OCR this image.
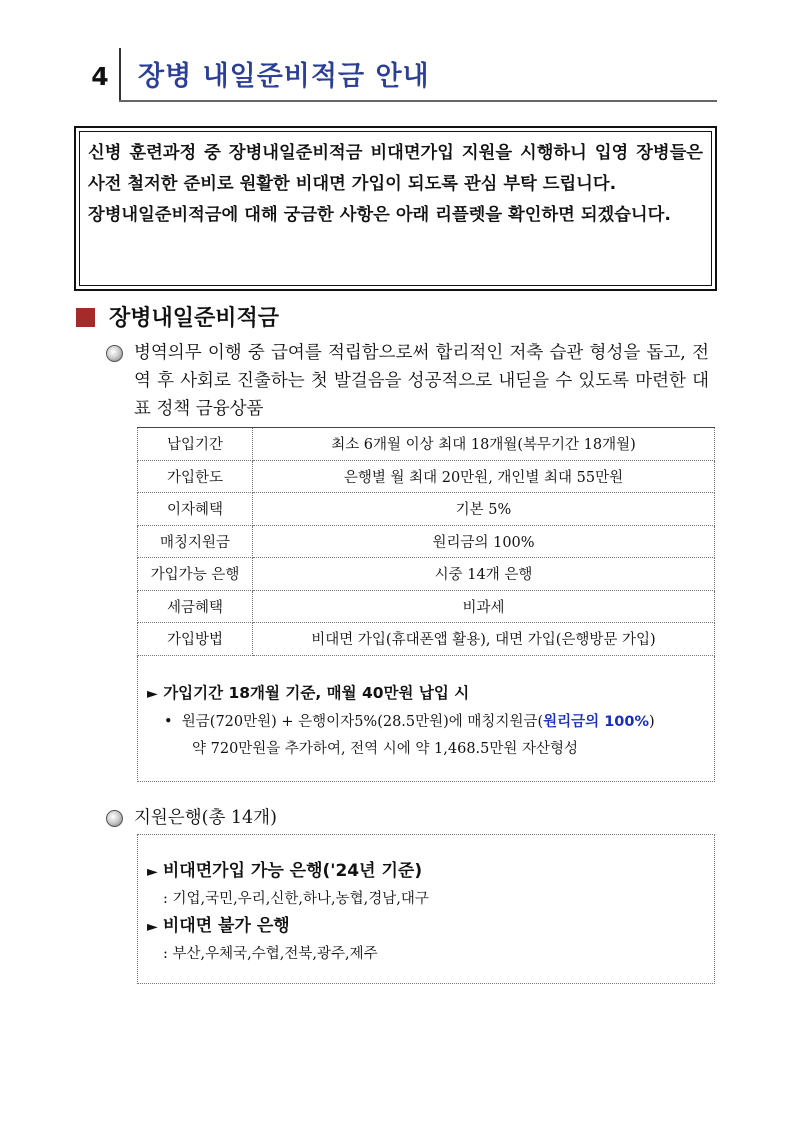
4	장병 내일준비적금 안내

신병 훈련과정 중 장병내일준비적금 비대면가입 지원을 시행하니 입영 장병들은 사전 철저한 준비로 원활한 비대면 가입이 되도록 관심 부탁 드립니다.

장병내일준비적금에 대해 궁금한 사항은 아래 리플렛을 확인하면 되겠습니다.

장병내일준비적금
병역의무 이행 중 급여를 적립함으로써 합리적인 저축 습관 형성을 돕고, 전역 후 사회로 진출하는 첫 발걸음을 성공적으로 내딛을 수 있도록 마련한 대표 정책 금융상품
납입기간	최소 6개월 이상 최대 18개월(복무기간 18개월)
가입한도	은행별 월 최대 20만원, 개인별 최대 55만원
이자혜택	기본 5%
매칭지원금	원리금의 100%
가입가능 은행	시중 14개 은행
세금혜택	비과세
가입방법	비대면 가입(휴대폰앱 활용), 대면 가입(은행방문 가입)
► 가입기간 18개월 기준, 매월 40만원 납입 시
• 원금(720만원) + 은행이자5%(28.5만원)에 매칭지원금(원리금의 100%)
약 720만원을 추가하여, 전역 시에 약 1,468.5만원 자산형성
지원은행(총 14개)
► 비대면가입 가능 은행('24년 기준)
: 기업,국민,우리,신한,하나,농협,경남,대구
► 비대면 불가 은행
: 부산,우체국,수협,전북,광주,제주
